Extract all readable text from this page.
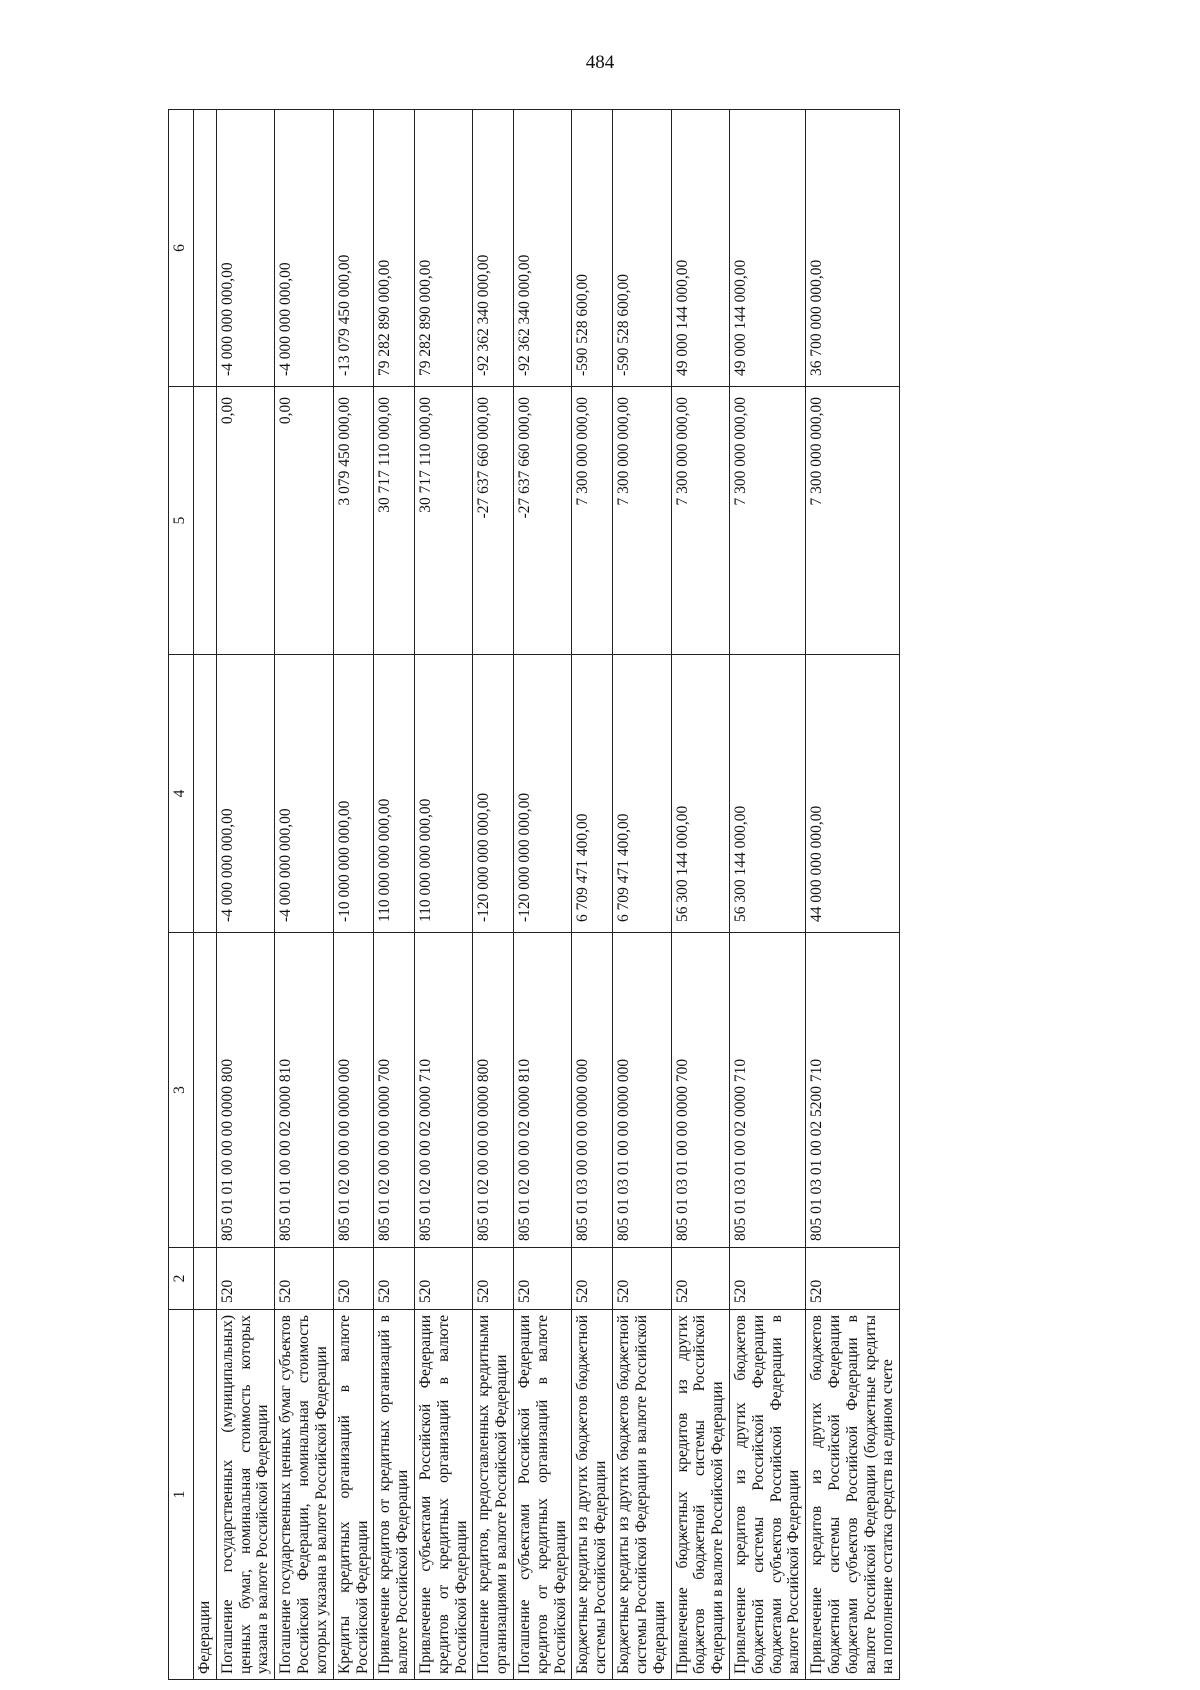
484
1	2	3	4	5	6
Федерации					
Погашение государственных (муниципальных) ценных бумаг, номинальная стоимость которых указана в валюте Российской Федерации	520	805 01 01 00 00 00 0000 800	-4 000 000 000,00	0,00	-4 000 000 000,00
Погашение государственных ценных бумаг субъектов Российской Федерации, номинальная стоимость которых указана в валюте Российской Федерации	520	805 01 01 00 00 02 0000 810	-4 000 000 000,00	0,00	-4 000 000 000,00
Кредиты кредитных организаций в валюте Российской Федерации	520	805 01 02 00 00 00 0000 000	-10 000 000 000,00	3 079 450 000,00	-13 079 450 000,00
Привлечение кредитов от кредитных организаций в валюте Российской Федерации	520	805 01 02 00 00 00 0000 700	110 000 000 000,00	30 717 110 000,00	79 282 890 000,00
Привлечение субъектами Российской Федерации кредитов от кредитных организаций в валюте Российской Федерации	520	805 01 02 00 00 02 0000 710	110 000 000 000,00	30 717 110 000,00	79 282 890 000,00
Погашение кредитов, предоставленных кредитными организациями в валюте Российской Федерации	520	805 01 02 00 00 00 0000 800	-120 000 000 000,00	-27 637 660 000,00	-92 362 340 000,00
Погашение субъектами Российской Федерации кредитов от кредитных организаций в валюте Российской Федерации	520	805 01 02 00 00 02 0000 810	-120 000 000 000,00	-27 637 660 000,00	-92 362 340 000,00
Бюджетные кредиты из других бюджетов бюджетной системы Российской Федерации	520	805 01 03 00 00 00 0000 000	6 709 471 400,00	7 300 000 000,00	-590 528 600,00
Бюджетные кредиты из других бюджетов бюджетной системы Российской Федерации в валюте Российской Федерации	520	805 01 03 01 00 00 0000 000	6 709 471 400,00	7 300 000 000,00	-590 528 600,00
Привлечение бюджетных кредитов из других бюджетов бюджетной системы Российской Федерации в валюте Российской Федерации	520	805 01 03 01 00 00 0000 700	56 300 144 000,00	7 300 000 000,00	49 000 144 000,00
Привлечение кредитов из других бюджетов бюджетной системы Российской Федерации бюджетами субъектов Российской Федерации в валюте Российской Федерации	520	805 01 03 01 00 02 0000 710	56 300 144 000,00	7 300 000 000,00	49 000 144 000,00
Привлечение кредитов из других бюджетов бюджетной системы Российской Федерации бюджетами субъектов Российской Федерации в валюте Российской Федерации (бюджетные кредиты на пополнение остатка средств на едином счете	520	805 01 03 01 00 02 5200 710	44 000 000 000,00	7 300 000 000,00	36 700 000 000,00
